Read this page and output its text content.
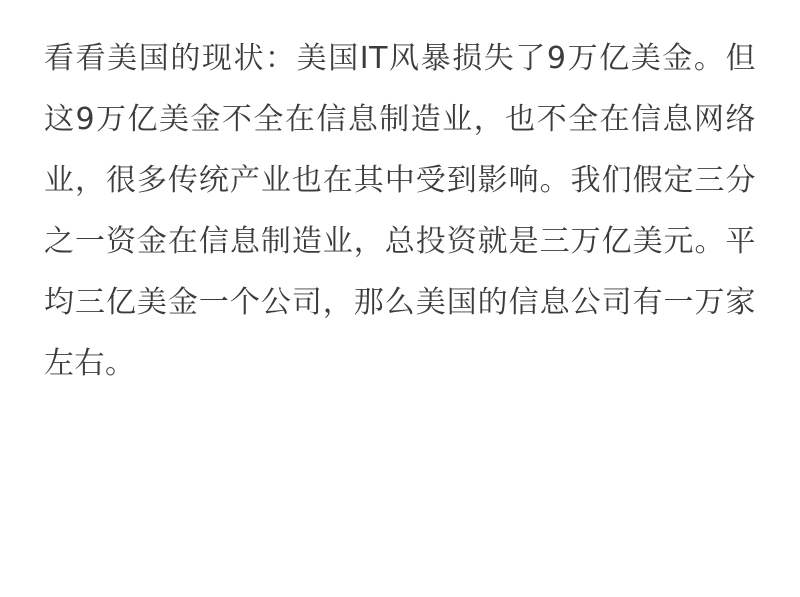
看看美国的现状：美国IT风暴损失了9万亿美金。但这9万亿美金不全在信息制造业，也不全在信息网络业，很多传统产业也在其中受到影响。我们假定三分之一资金在信息制造业，总投资就是三万亿美元。平均三亿美金一个公司，那么美国的信息公司有一万家左右。
